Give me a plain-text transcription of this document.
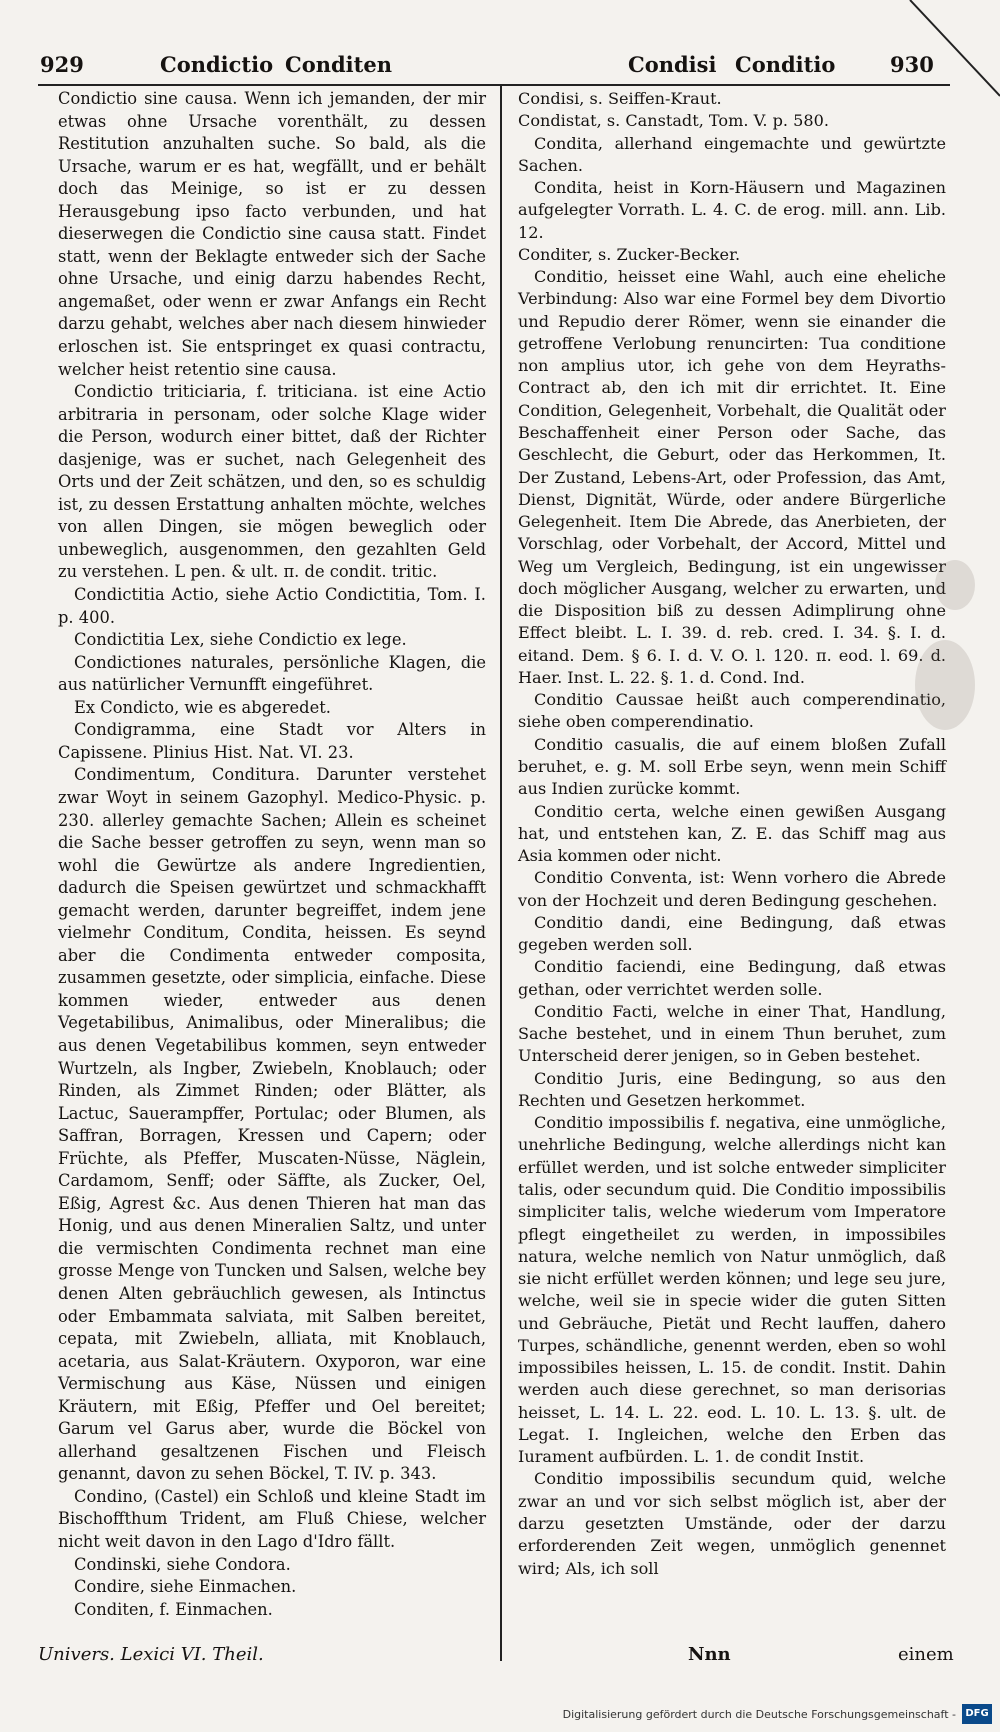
929	Condictio Conditen	Condisi Conditio	930

Condictio sine causa. Wenn ich jemanden, der mir etwas ohne Ursache vorenthält, zu dessen Restitution anzuhalten suche. So bald, als die Ursache, warum er es hat, wegfällt, und er behält doch das Meinige, so ist er zu dessen Herausgebung ipso facto verbunden, und hat dieserwegen die Condictio sine causa statt. Findet statt, wenn der Beklagte entweder sich der Sache ohne Ursache, und einig darzu habendes Recht, angemaßet, oder wenn er zwar Anfangs ein Recht darzu gehabt, welches aber nach diesem hinwieder erloschen ist. Sie entspringet ex quasi contractu, welcher heist retentio sine causa.

Condictio triticiaria, f. triticiana. ist eine Actio arbitraria in personam, oder solche Klage wider die Person, wodurch einer bittet, daß der Richter dasjenige, was er suchet, nach Gelegenheit des Orts und der Zeit schätzen, und den, so es schuldig ist, zu dessen Erstattung anhalten möchte, welches von allen Dingen, sie mögen beweglich oder unbeweglich, ausgenommen, den gezahlten Geld zu verstehen. L pen. & ult. π. de condit. tritic.

Condictitia Actio, siehe Actio Condictitia, Tom. I. p. 400.

Condictitia Lex, siehe Condictio ex lege.

Condictiones naturales, persönliche Klagen, die aus natürlicher Vernunfft eingeführet.

Ex Condicto, wie es abgeredet.

Condigramma, eine Stadt vor Alters in Capissene. Plinius Hist. Nat. VI. 23.

Condimentum, Conditura. Darunter verstehet zwar Woyt in seinem Gazophyl. Medico-Physic. p. 230. allerley gemachte Sachen; Allein es scheinet die Sache besser getroffen zu seyn, wenn man so wohl die Gewürtze als andere Ingredientien, dadurch die Speisen gewürtzet und schmackhafft gemacht werden, darunter begreiffet, indem jene vielmehr Conditum, Condita, heissen. Es seynd aber die Condimenta entweder composita, zusammen gesetzte, oder simplicia, einfache. Diese kommen wieder, entweder aus denen Vegetabilibus, Animalibus, oder Mineralibus; die aus denen Vegetabilibus kommen, seyn entweder Wurtzeln, als Ingber, Zwiebeln, Knoblauch; oder Rinden, als Zimmet Rinden; oder Blätter, als Lactuc, Sauerampffer, Portulac; oder Blumen, als Saffran, Borragen, Kressen und Capern; oder Früchte, als Pfeffer, Muscaten-Nüsse, Näglein, Cardamom, Senff; oder Säffte, als Zucker, Oel, Eßig, Agrest &c. Aus denen Thieren hat man das Honig, und aus denen Mineralien Saltz, und unter die vermischten Condimenta rechnet man eine grosse Menge von Tuncken und Salsen, welche bey denen Alten gebräuchlich gewesen, als Intinctus oder Embammata salviata, mit Salben bereitet, cepata, mit Zwiebeln, alliata, mit Knoblauch, acetaria, aus Salat-Kräutern. Oxyporon, war eine Vermischung aus Käse, Nüssen und einigen Kräutern, mit Eßig, Pfeffer und Oel bereitet; Garum vel Garus aber, wurde die Böckel von allerhand gesaltzenen Fischen und Fleisch genannt, davon zu sehen Böckel, T. IV. p. 343.

Condino, (Castel) ein Schloß und kleine Stadt im Bischoffthum Trident, am Fluß Chiese, welcher nicht weit davon in den Lago d'Idro fällt.

Condinski, siehe Condora.

Condire, siehe Einmachen.

Conditen, f. Einmachen.

Condisi, s. Seiffen-Kraut.

Condistat, s. Canstadt, Tom. V. p. 580.

Condita, allerhand eingemachte und gewürtzte Sachen.

Condita, heist in Korn-Häusern und Magazinen aufgelegter Vorrath. L. 4. C. de erog. mill. ann. Lib. 12.

Conditer, s. Zucker-Becker.

Conditio, heisset eine Wahl, auch eine eheliche Verbindung: Also war eine Formel bey dem Divortio und Repudio derer Römer, wenn sie einander die getroffene Verlobung renuncirten: Tua conditione non amplius utor, ich gehe von dem Heyraths-Contract ab, den ich mit dir errichtet. It. Eine Condition, Gelegenheit, Vorbehalt, die Qualität oder Beschaffenheit einer Person oder Sache, das Geschlecht, die Geburt, oder das Herkommen, It. Der Zustand, Lebens-Art, oder Profession, das Amt, Dienst, Dignität, Würde, oder andere Bürgerliche Gelegenheit. Item Die Abrede, das Anerbieten, der Vorschlag, oder Vorbehalt, der Accord, Mittel und Weg um Vergleich, Bedingung, ist ein ungewisser doch möglicher Ausgang, welcher zu erwarten, und die Disposition biß zu dessen Adimplirung ohne Effect bleibt. L. I. 39. d. reb. cred. I. 34. §. I. d. eitand. Dem. § 6. I. d. V. O. l. 120. π. eod. l. 69. d. Haer. Inst. L. 22. §. 1. d. Cond. Ind.

Conditio Caussae heißt auch comperendinatio, siehe oben comperendinatio.

Conditio casualis, die auf einem bloßen Zufall beruhet, e. g. M. soll Erbe seyn, wenn mein Schiff aus Indien zurücke kommt.

Conditio certa, welche einen gewißen Ausgang hat, und entstehen kan, Z. E. das Schiff mag aus Asia kommen oder nicht.

Conditio Conventa, ist: Wenn vorhero die Abrede von der Hochzeit und deren Bedingung geschehen.

Conditio dandi, eine Bedingung, daß etwas gegeben werden soll.

Conditio faciendi, eine Bedingung, daß etwas gethan, oder verrichtet werden solle.

Conditio Facti, welche in einer That, Handlung, Sache bestehet, und in einem Thun beruhet, zum Unterscheid derer jenigen, so in Geben bestehet.

Conditio Juris, eine Bedingung, so aus den Rechten und Gesetzen herkommet.

Conditio impossibilis f. negativa, eine unmögliche, unehrliche Bedingung, welche allerdings nicht kan erfüllet werden, und ist solche entweder simpliciter talis, oder secundum quid. Die Conditio impossibilis simpliciter talis, welche wiederum vom Imperatore pflegt eingetheilet zu werden, in impossibiles natura, welche nemlich von Natur unmöglich, daß sie nicht erfüllet werden können; und lege seu jure, welche, weil sie in specie wider die guten Sitten und Gebräuche, Pietät und Recht lauffen, dahero Turpes, schändliche, genennt werden, eben so wohl impossibiles heissen, L. 15. de condit. Instit. Dahin werden auch diese gerechnet, so man derisorias heisset, L. 14. L. 22. eod. L. 10. L. 13. §. ult. de Legat. I. Ingleichen, welche den Erben das Iurament aufbürden. L. 1. de condit Instit.

Conditio impossibilis secundum quid, welche zwar an und vor sich selbst möglich ist, aber der darzu gesetzten Umstände, oder der darzu erforderenden Zeit wegen, unmöglich genennet wird; Als, ich soll

Univers. Lexici VI. Theil.	Nnn	einem
Digitalisierung gefördert durch die Deutsche Forschungsgemeinschaft - DFG
